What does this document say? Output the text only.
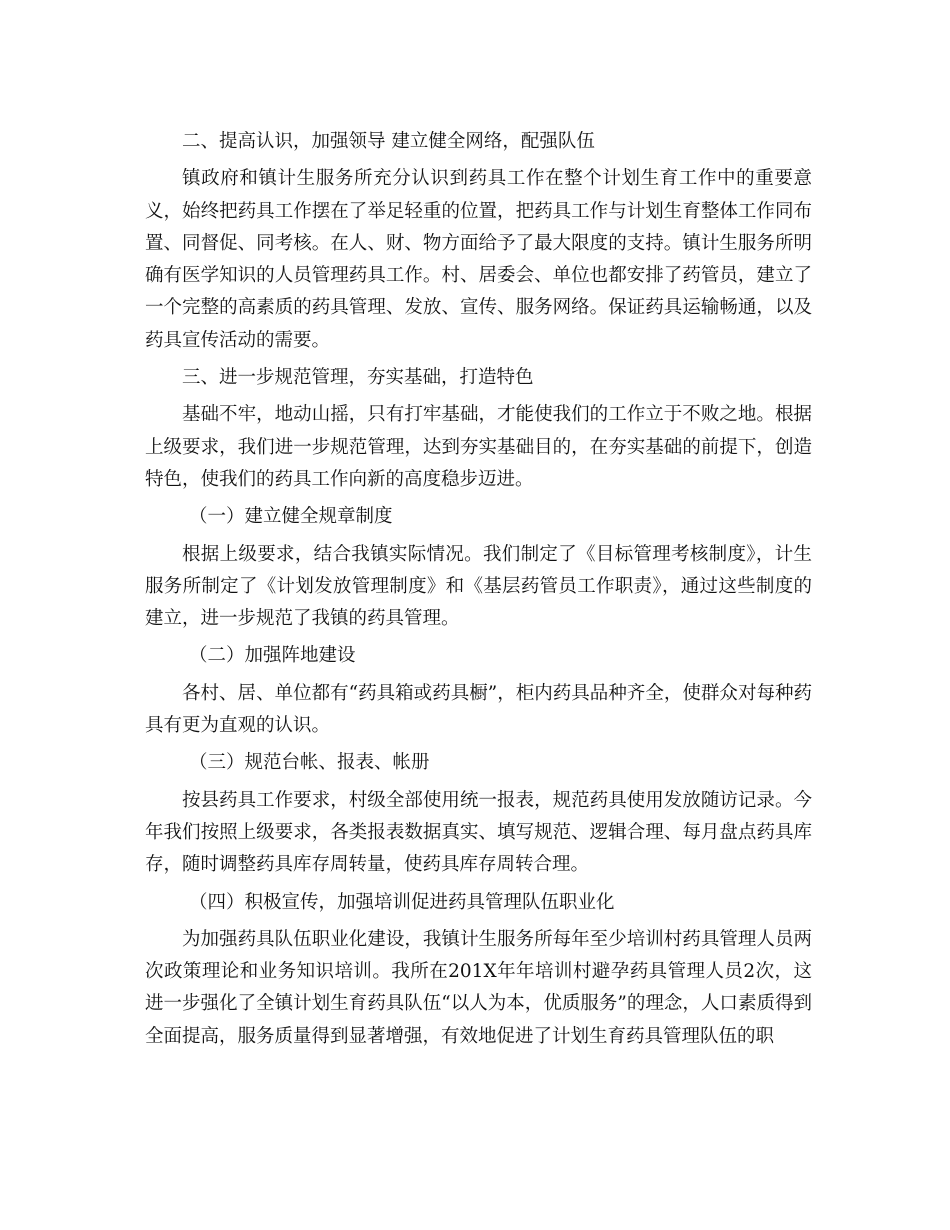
二、提高认识，加强领导 建立健全网络，配强队伍

镇政府和镇计生服务所充分认识到药具工作在整个计划生育工作中的重要意义，始终把药具工作摆在了举足轻重的位置，把药具工作与计划生育整体工作同布置、同督促、同考核。在人、财、物方面给予了最大限度的支持。镇计生服务所明确有医学知识的人员管理药具工作。村、居委会、单位也都安排了药管员，建立了一个完整的高素质的药具管理、发放、宣传、服务网络。保证药具运输畅通，以及药具宣传活动的需要。

三、进一步规范管理，夯实基础，打造特色

基础不牢，地动山摇，只有打牢基础，才能使我们的工作立于不败之地。根据上级要求，我们进一步规范管理，达到夯实基础目的，在夯实基础的前提下，创造特色，使我们的药具工作向新的高度稳步迈进。

（一）建立健全规章制度

根据上级要求，结合我镇实际情况。我们制定了《目标管理考核制度》，计生服务所制定了《计划发放管理制度》和《基层药管员工作职责》，通过这些制度的建立，进一步规范了我镇的药具管理。

（二）加强阵地建设

各村、居、单位都有“药具箱或药具橱”，柜内药具品种齐全，使群众对每种药具有更为直观的认识。

（三）规范台帐、报表、帐册

按县药具工作要求，村级全部使用统一报表，规范药具使用发放随访记录。今年我们按照上级要求，各类报表数据真实、填写规范、逻辑合理、每月盘点药具库存，随时调整药具库存周转量，使药具库存周转合理。

（四）积极宣传，加强培训促进药具管理队伍职业化

为加强药具队伍职业化建设，我镇计生服务所每年至少培训村药具管理人员两次政策理论和业务知识培训。我所在201X年年培训村避孕药具管理人员2次，这进一步强化了全镇计划生育药具队伍“以人为本，优质服务”的理念，人口素质得到全面提高，服务质量得到显著增强，有效地促进了计划生育药具管理队伍的职
